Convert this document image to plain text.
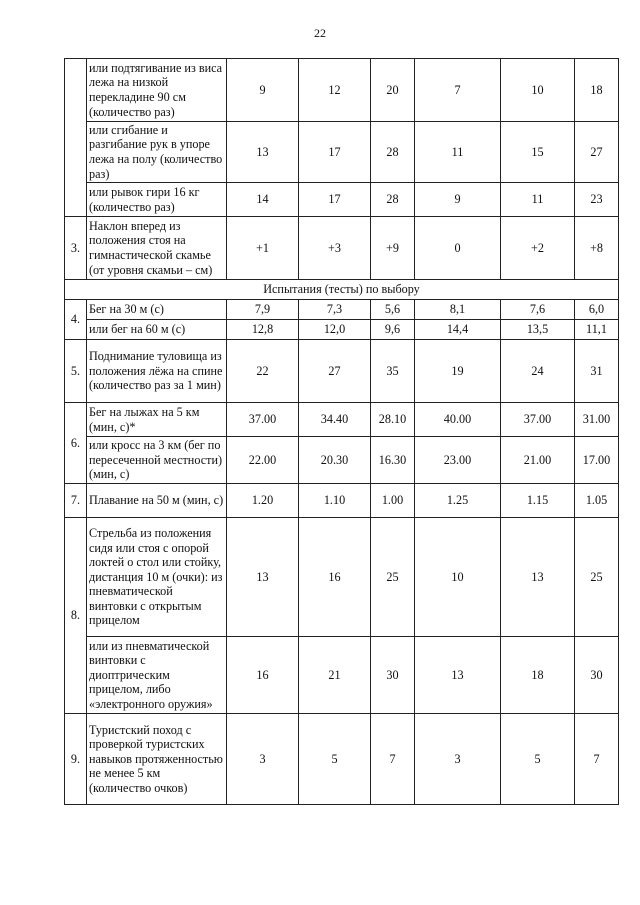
22
	или подтягивание из виса лежа на низкой перекладине 90 см (количество раз)	9	12	20	7	10	18
	или сгибание и разгибание рук в упоре лежа на полу (количество раз)	13	17	28	11	15	27
	или рывок гири 16 кг (количество раз)	14	17	28	9	11	23
3.	Наклон вперед из положения стоя на гимнастической скамье (от уровня скамьи – см)	+1	+3	+9	0	+2	+8
Испытания (тесты) по выбору							
4.	Бег на 30 м (с)	7,9	7,3	5,6	8,1	7,6	6,0
	или бег на 60 м (с)	12,8	12,0	9,6	14,4	13,5	11,1
5.	Поднимание туловища из положения лёжа на спине (количество раз за 1 мин)	22	27	35	19	24	31
6.	Бег на лыжах на 5 км (мин, с)*	37.00	34.40	28.10	40.00	37.00	31.00
	или кросс на 3 км (бег по пересеченной местности) (мин, с)	22.00	20.30	16.30	23.00	21.00	17.00
7.	Плавание на 50 м (мин, с)	1.20	1.10	1.00	1.25	1.15	1.05
8.	Стрельба из положения сидя или стоя с опорой локтей о стол или стойку, дистанция 10 м (очки): из пневматической винтовки с открытым прицелом	13	16	25	10	13	25
	или из пневматической винтовки с диоптрическим прицелом, либо «электронного оружия»	16	21	30	13	18	30
9.	Туристский поход с проверкой туристских навыков протяженностью не менее 5 км (количество очков)	3	5	7	3	5	7
